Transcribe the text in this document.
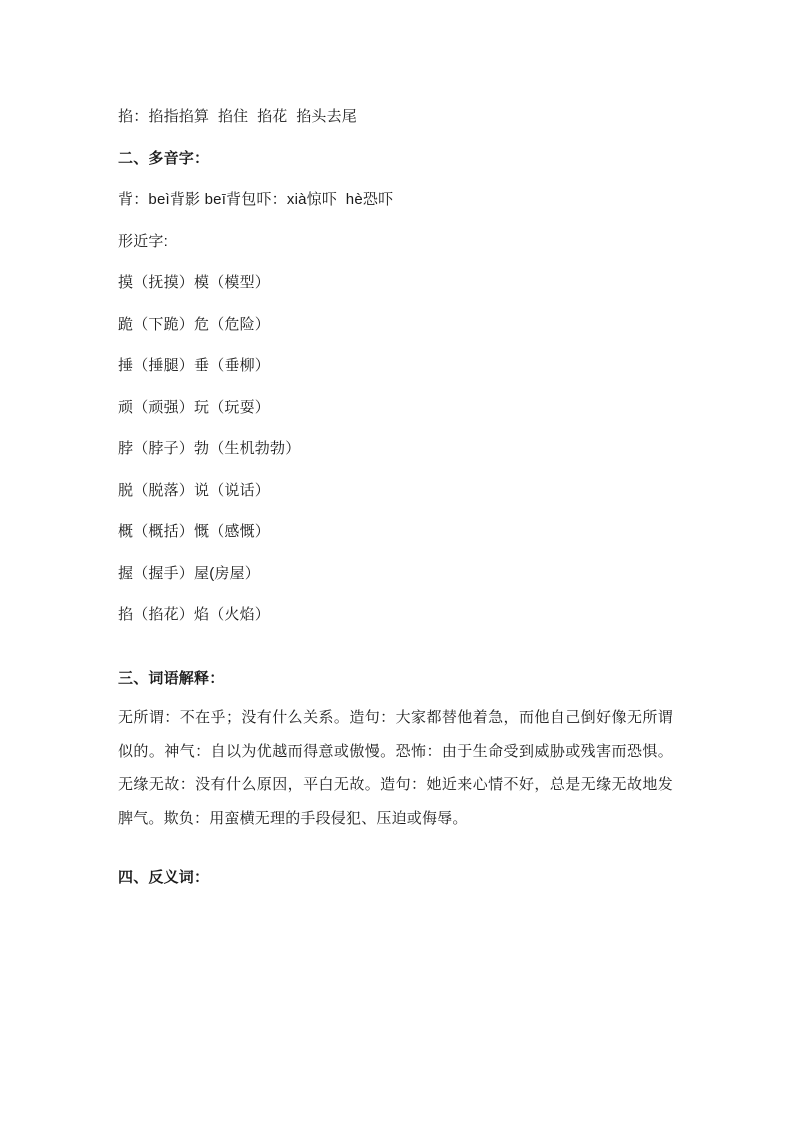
掐：掐指掐算  掐住  掐花  掐头去尾
二、多音字：
背：beì背影 beī背包吓：xià惊吓  hè恐吓
形近字:
摸（抚摸）模（模型）
跪（下跪）危（危险）
捶（捶腿）垂（垂柳）
顽（顽强）玩（玩耍）
脖（脖子）勃（生机勃勃）
脱（脱落）说（说话）
概（概括）慨（感慨）
握（握手）屋(房屋）
掐（掐花）焰（火焰）
三、词语解释：
无所谓：不在乎；没有什么关系。造句：大家都替他着急，而他自己倒好像无所谓似的。神气：自以为优越而得意或傲慢。恐怖：由于生命受到威胁或残害而恐惧。无缘无故：没有什么原因，平白无故。造句：她近来心情不好，总是无缘无故地发脾气。欺负：用蛮横无理的手段侵犯、压迫或侮辱。
四、反义词：
